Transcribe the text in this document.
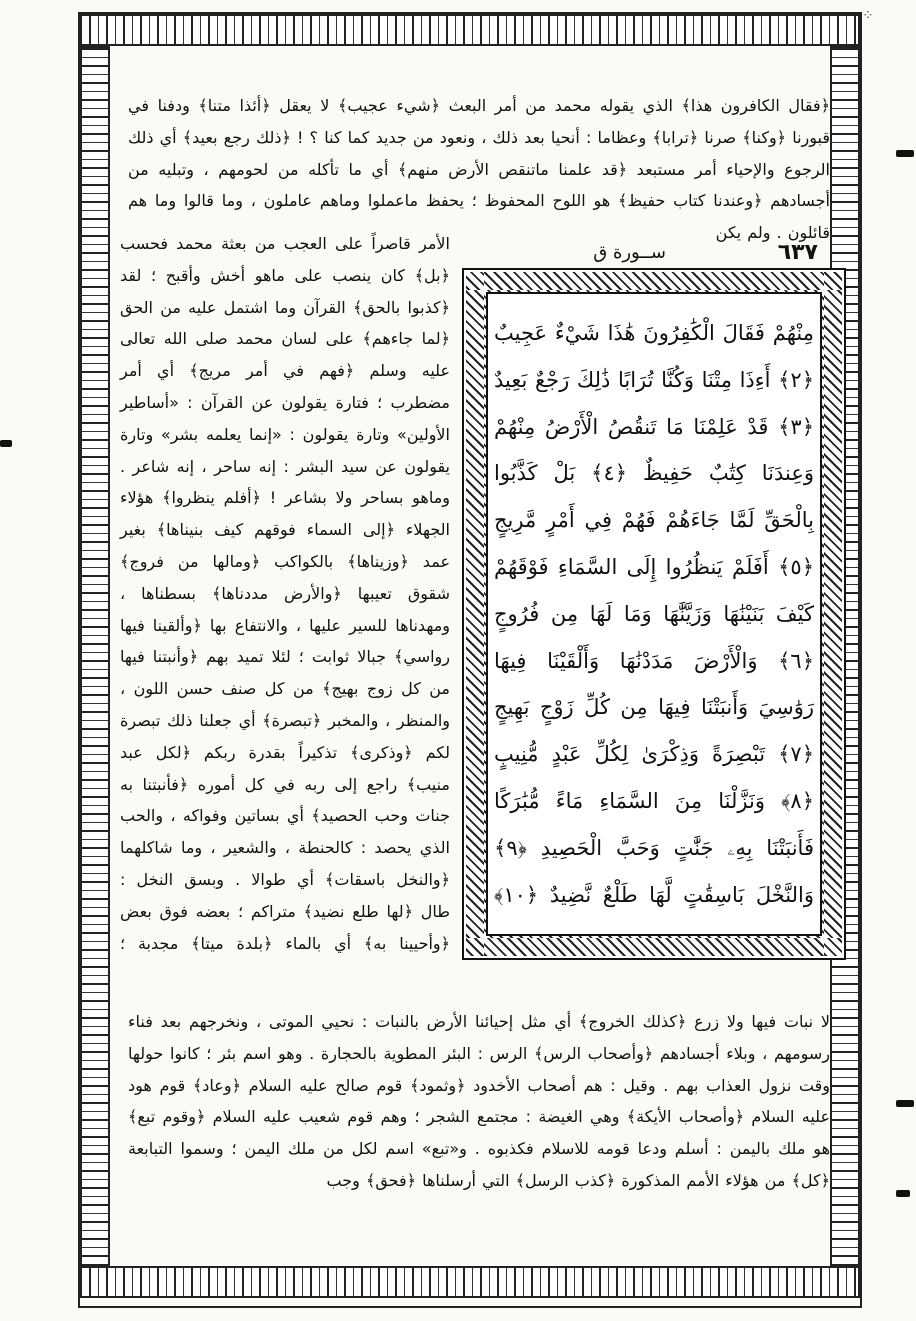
⁘

﴿فقال الكافرون هذا﴾ الذي يقوله محمد من أمر البعث ﴿شيء عجيب﴾ لا يعقل ﴿أئذا متنا﴾ ودفنا في قبورنا ﴿وكنا﴾ صرنا ﴿ترابا﴾ وعظاما : أنحيا بعد ذلك ، ونعود من جديد كما كنا ؟ ! ﴿ذلك رجع بعيد﴾ أي ذلك الرجوع والإحياء أمر مستبعد ﴿قد علمنا ماتنقص الأرض منهم﴾ أي ما تأكله من لحومهم ، وتبليه من أجسادهم ﴿وعندنا كتاب حفيظ﴾ هو اللوح المحفوظ ؛ يحفظ ماعملوا وماهم عاملون ، وما قالوا وما هم قائلون . ولم يكن

٦٣٧
ســورة ق

مِنْهُمْ فَقَالَ الْكَٰفِرُونَ هَٰذَا شَيْءٌ عَجِيبٌ ﴿٢﴾ أَءِذَا مِتْنَا وَكُنَّا تُرَابًا ذَٰلِكَ رَجْعٌ بَعِيدٌ ﴿٣﴾ قَدْ عَلِمْنَا مَا تَنقُصُ الْأَرْضُ مِنْهُمْ وَعِندَنَا كِتَٰبٌ حَفِيظٌ ﴿٤﴾ بَلْ كَذَّبُوا بِالْحَقِّ لَمَّا جَاءَهُمْ فَهُمْ فِي أَمْرٍ مَّرِيجٍ ﴿٥﴾ أَفَلَمْ يَنظُرُوا إِلَى السَّمَاءِ فَوْقَهُمْ كَيْفَ بَنَيْنَٰهَا وَزَيَّنَّٰهَا وَمَا لَهَا مِن فُرُوجٍ ﴿٦﴾ وَالْأَرْضَ مَدَدْنَٰهَا وَأَلْقَيْنَا فِيهَا رَوَٰسِيَ وَأَنبَتْنَا فِيهَا مِن كُلِّ زَوْجٍ بَهِيجٍ ﴿٧﴾ تَبْصِرَةً وَذِكْرَىٰ لِكُلِّ عَبْدٍ مُّنِيبٍ ﴿٨﴾ وَنَزَّلْنَا مِنَ السَّمَاءِ مَاءً مُّبَٰرَكًا فَأَنبَتْنَا بِهِۦ جَنَّٰتٍ وَحَبَّ الْحَصِيدِ ﴿٩﴾ وَالنَّخْلَ بَاسِقَٰتٍ لَّهَا طَلْعٌ نَّضِيدٌ ﴿١٠﴾

الأمر قاصراً على العجب من بعثة محمد فحسب ﴿بل﴾ كان ينصب على ماهو أخش وأقبح ؛ لقد ﴿كذبوا بالحق﴾ القرآن وما اشتمل عليه من الحق ﴿لما جاءهم﴾ على لسان محمد صلى الله تعالى عليه وسلم ﴿فهم في أمر مريج﴾ أي أمر مضطرب ؛ فتارة يقولون عن القرآن : «أساطير الأولين» وتارة يقولون : «إنما يعلمه بشر» وتارة يقولون عن سيد البشر : إنه ساحر ، إنه شاعر . وماهو بساحر ولا بشاعر ! ﴿أفلم ينظروا﴾ هؤلاء الجهلاء ﴿إلى السماء فوقهم كيف بنيناها﴾ بغير عمد ﴿وزيناها﴾ بالكواكب ﴿ومالها من فروج﴾ شقوق تعيبها ﴿والأرض مددناها﴾ بسطناها ، ومهدناها للسير عليها ، والانتفاع بها ﴿وألقينا فيها رواسي﴾ جبالا ثوابت ؛ لئلا تميد بهم ﴿وأنبتنا فيها من كل زوج بهيج﴾ من كل صنف حسن اللون ، والمنظر ، والمخبر ﴿تبصرة﴾ أي جعلنا ذلك تبصرة لكم ﴿وذكرى﴾ تذكيراً بقدرة ربكم ﴿لكل عبد منيب﴾ راجع إلى ربه في كل أموره ﴿فأنبتنا به جنات وحب الحصيد﴾ أي بساتين وفواكه ، والحب الذي يحصد : كالحنطة ، والشعير ، وما شاكلهما ﴿والنخل باسقات﴾ أي طوالا . وبسق النخل : طال ﴿لها طلع نضيد﴾ متراكم ؛ بعضه فوق بعض ﴿وأحيينا به﴾ أي بالماء ﴿بلدة ميتا﴾ مجدبة ؛

لا نبات فيها ولا زرع ﴿كذلك الخروج﴾ أي مثل إحيائنا الأرض بالنبات : نحيي الموتى ، ونخرجهم بعد فناء رسومهم ، وبلاء أجسادهم ﴿وأصحاب الرس﴾ الرس : البئر المطوية بالحجارة . وهو اسم بئر ؛ كانوا حولها وقت نزول العذاب بهم . وقيل : هم أصحاب الأخدود ﴿وثمود﴾ قوم صالح عليه السلام ﴿وعاد﴾ قوم هود عليه السلام ﴿وأصحاب الأيكة﴾ وهي الغيضة : مجتمع الشجر ؛ وهم قوم شعيب عليه السلام ﴿وقوم تبع﴾ هو ملك باليمن : أسلم ودعا قومه للاسلام فكذبوه . و«تبع» اسم لكل من ملك اليمن ؛ وسموا التبابعة ﴿كل﴾ من هؤلاء الأمم المذكورة ﴿كذب الرسل﴾ التي أرسلناها ﴿فحق﴾ وجب
